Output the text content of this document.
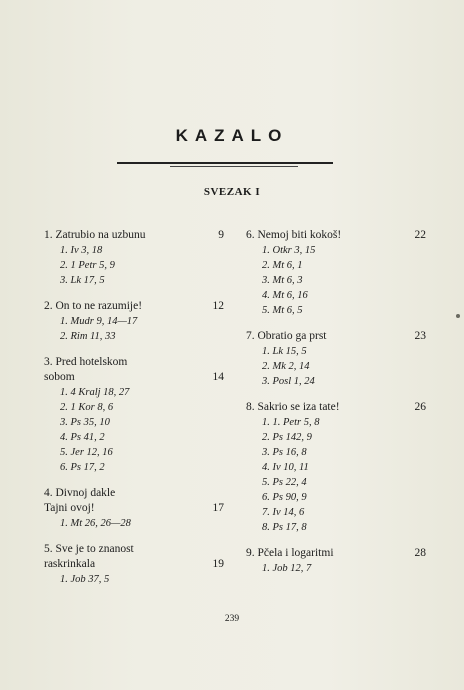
KAZALO
SVEZAK I
1. Zatrubio na uzbunu	9
1. Iv 3, 18
2. 1 Petr 5, 9
3. Lk 17, 5
2. On to ne razumije!	12
1. Mudr 9, 14—17
2. Rim 11, 33
3. Pred hotelskom
sobom	14
1. 4 Kralj 18, 27
2. 1 Kor 8, 6
3. Ps 35, 10
4. Ps 41, 2
5. Jer 12, 16
6. Ps 17, 2
4. Divnoj dakle
Tajni ovoj!	17
1. Mt 26, 26—28
5. Sve je to znanost
raskrinkala	19
1. Job 37, 5
6. Nemoj biti kokoš!	22
1. Otkr 3, 15
2. Mt 6, 1
3. Mt 6, 3
4. Mt 6, 16
5. Mt 6, 5
7. Obratio ga prst	23
1. Lk 15, 5
2. Mk 2, 14
3. Posl 1, 24
8. Sakrio se iza tate!	26
1. 1. Petr 5, 8
2. Ps 142, 9
3. Ps 16, 8
4. Iv 10, 11
5. Ps 22, 4
6. Ps 90, 9
7. Iv 14, 6
8. Ps 17, 8
9. Pčela i logaritmi	28
1. Job 12, 7
239
